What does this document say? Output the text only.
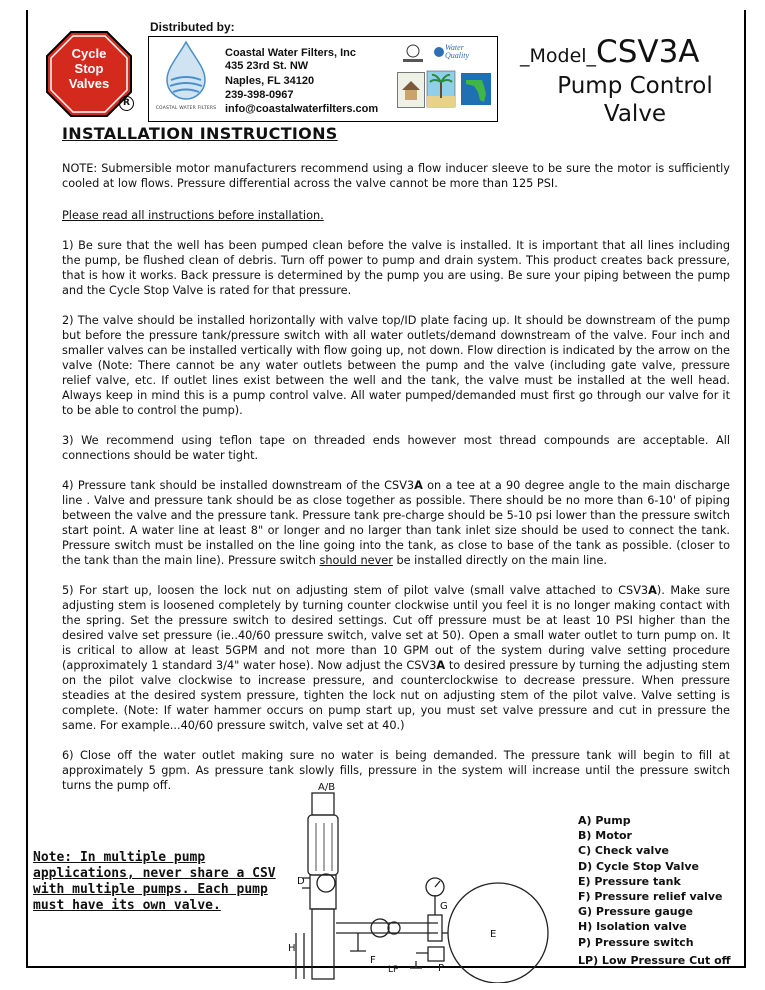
Cycle
Stop
Valves
R
Distributed by:
COASTAL WATER FILTERS
Coastal Water Filters, Inc
435 23rd St. NW
Naples, FL 34120
239-398-0967
info@coastalwaterfilters.com
Water Quality	_Model_CSV3A
Pump Control
Valve
INSTALLATION INSTRUCTIONS
NOTE: Submersible motor manufacturers recommend using a flow inducer sleeve to be sure the motor is sufficiently cooled at low flows. Pressure differential across the valve cannot be more than 125 PSI.
Please read all instructions before installation.
1) Be sure that the well has been pumped clean before the valve is installed. It is important that all lines including the pump, be flushed clean of debris. Turn off power to pump and drain system. This product creates back pressure, that is how it works. Back pressure is determined by the pump you are using. Be sure your piping between the pump and the Cycle Stop Valve is rated for that pressure.
2) The valve should be installed horizontally with valve top/ID plate facing up. It should be downstream of the pump but before the pressure tank/pressure switch with all water outlets/demand downstream of the valve. Four inch and smaller valves can be installed vertically with flow going up, not down. Flow direction is indicated by the arrow on the valve (Note: There cannot be any water outlets between the pump and the valve (including gate valve, pressure relief valve, etc. If outlet lines exist between the well and the tank, the valve must be installed at the well head. Always keep in mind this is a pump control valve. All water pumped/demanded must first go through our valve for it to be able to control the pump).
3) We recommend using teflon tape on threaded ends however most thread compounds are acceptable. All connections should be water tight.
4) Pressure tank should be installed downstream of the CSV3A on a tee at a 90 degree angle to the main discharge line . Valve and pressure tank should be as close together as possible. There should be no more than 6-10' of piping between the valve and the pressure tank. Pressure tank pre-charge should be 5-10 psi lower than the pressure switch start point. A water line at least 8" or longer and no larger than tank inlet size should be used to connect the tank. Pressure switch must be installed on the line going into the tank, as close to base of the tank as possible. (closer to the tank than the main line). Pressure switch should never be installed directly on the main line.
5) For start up, loosen the lock nut on adjusting stem of pilot valve (small valve attached to CSV3A). Make sure adjusting stem is loosened completely by turning counter clockwise until you feel it is no longer making contact with the spring. Set the pressure switch to desired settings. Cut off pressure must be at least 10 PSI higher than the desired valve set pressure (ie..40/60 pressure switch, valve set at 50). Open a small water outlet to turn pump on. It is critical to allow at least 5GPM and not more than 10 GPM out of the system during valve setting procedure (approximately 1 standard 3/4" water hose). Now adjust the CSV3A to desired pressure by turning the adjusting stem on the pilot valve clockwise to increase pressure, and counterclockwise to decrease pressure. When pressure steadies at the desired system pressure, tighten the lock nut on adjusting stem of the pilot valve. Valve setting is complete. (Note: If water hammer occurs on pump start up, you must set valve pressure and cut in pressure the same. For example...40/60 pressure switch, valve set at 40.)
6) Close off the water outlet making sure no water is being demanded. The pressure tank will begin to fill at approximately 5 gpm. As pressure tank slowly fills, pressure in the system will increase until the pressure switch turns the pump off.
Note: In multiple pump applications, never share a CSV with multiple pumps. Each pump must have its own valve.
A/B
D
G
E
F
H
P
LP
A) Pump
B) Motor
C) Check valve
D) Cycle Stop Valve
E) Pressure tank
F) Pressure relief valve
G) Pressure gauge
H) Isolation valve
P) Pressure switch
LP) Low Pressure Cut off
